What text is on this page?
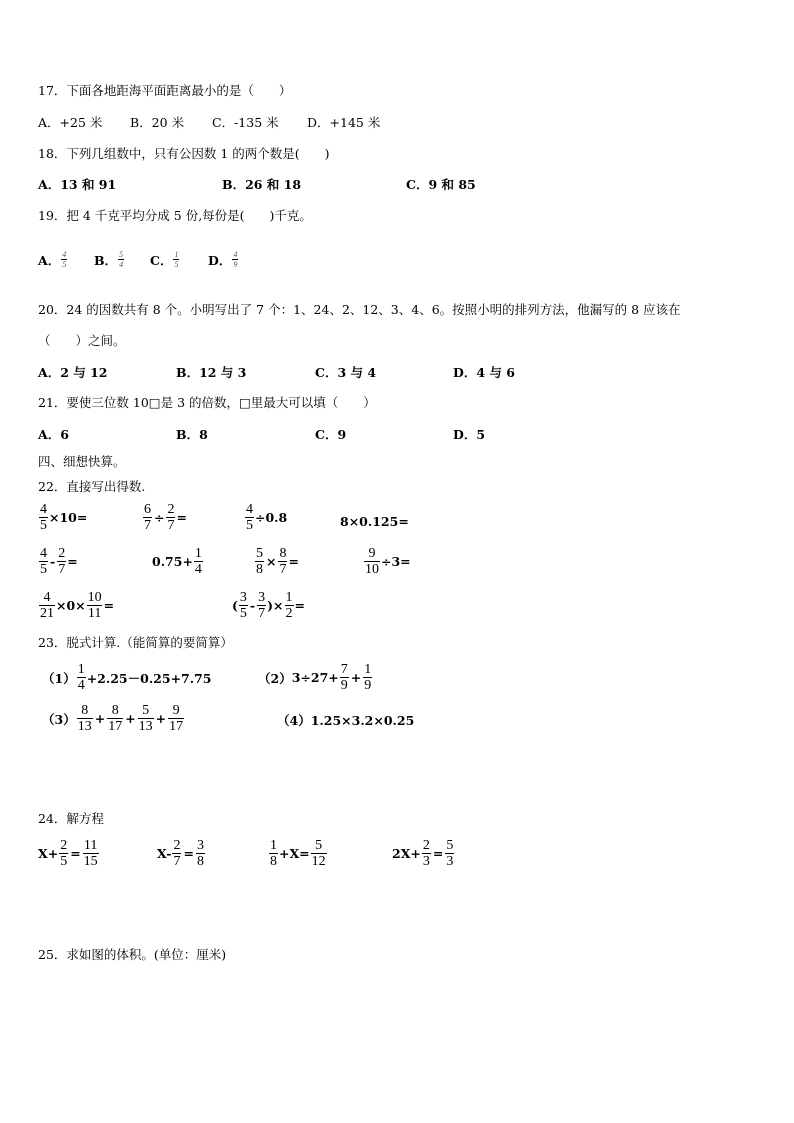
17．下面各地距海平面距离最小的是（　　）
A．+25 米 B．20 米 C．-135 米 D．+145 米
18．下列几组数中，只有公因数 1 的两个数是(　　)
A．13 和 91	B．26 和 18	C．9 和 85
19．把 4 千克平均分成 5 份,每份是(　　)千克。
A． $\frac{4}{5}$ B． $\frac{5}{4}$ C． $\frac{1}{5}$ D． $\frac{4}{9}$
20．24 的因数共有 8 个。小明写出了 7 个：1、24、2、12、3、4、6。按照小明的排列方法，他漏写的 8 应该在
（　　）之间。
A．2 与 12	B．12 与 3	C．3 与 4	D．4 与 6
21．要使三位数 10□是 3 的倍数，□里最大可以填（　　）
A．6	B．8	C．9	D．5
四、细想快算。
22．直接写出得数.
$\frac{4}{5} \times 10=$	$\frac{6}{7} \div \frac{2}{7}$ =	$\frac{4}{5} \div 0.8$	8×0.125=
$\frac{4}{5} - \frac{2}{7}$ =	$0.75+ \frac{1}{4}$	$\frac{5}{8} \times \frac{8}{7}$ =	$\frac{9}{10} \div 3=$
$\frac{4}{21} \times 0\times \frac{10}{11}$ =	( $\frac{3}{5} - \frac{3}{7}$ )× $\frac{1}{2}$ =
23．脱式计算.（能简算的要简算）
$(1) \frac{1}{4} +2.25-0.25+7.75$	（2） $3\div 27+ \frac{7}{9} + \frac{1}{9}$
$(3) \frac{8}{13} + \frac{8}{17} + \frac{5}{13} + \frac{9}{17}$	（4） 1.25×3.2×0.25
24．解方程
$X+ \frac{2}{5} = \frac{11}{15}$	$X- \frac{2}{7} = \frac{3}{8}$	$\frac{1}{8} +X= \frac{5}{12}$	$2X+ \frac{2}{3} = \frac{5}{3}$
25．求如图的体积。(单位：厘米)
